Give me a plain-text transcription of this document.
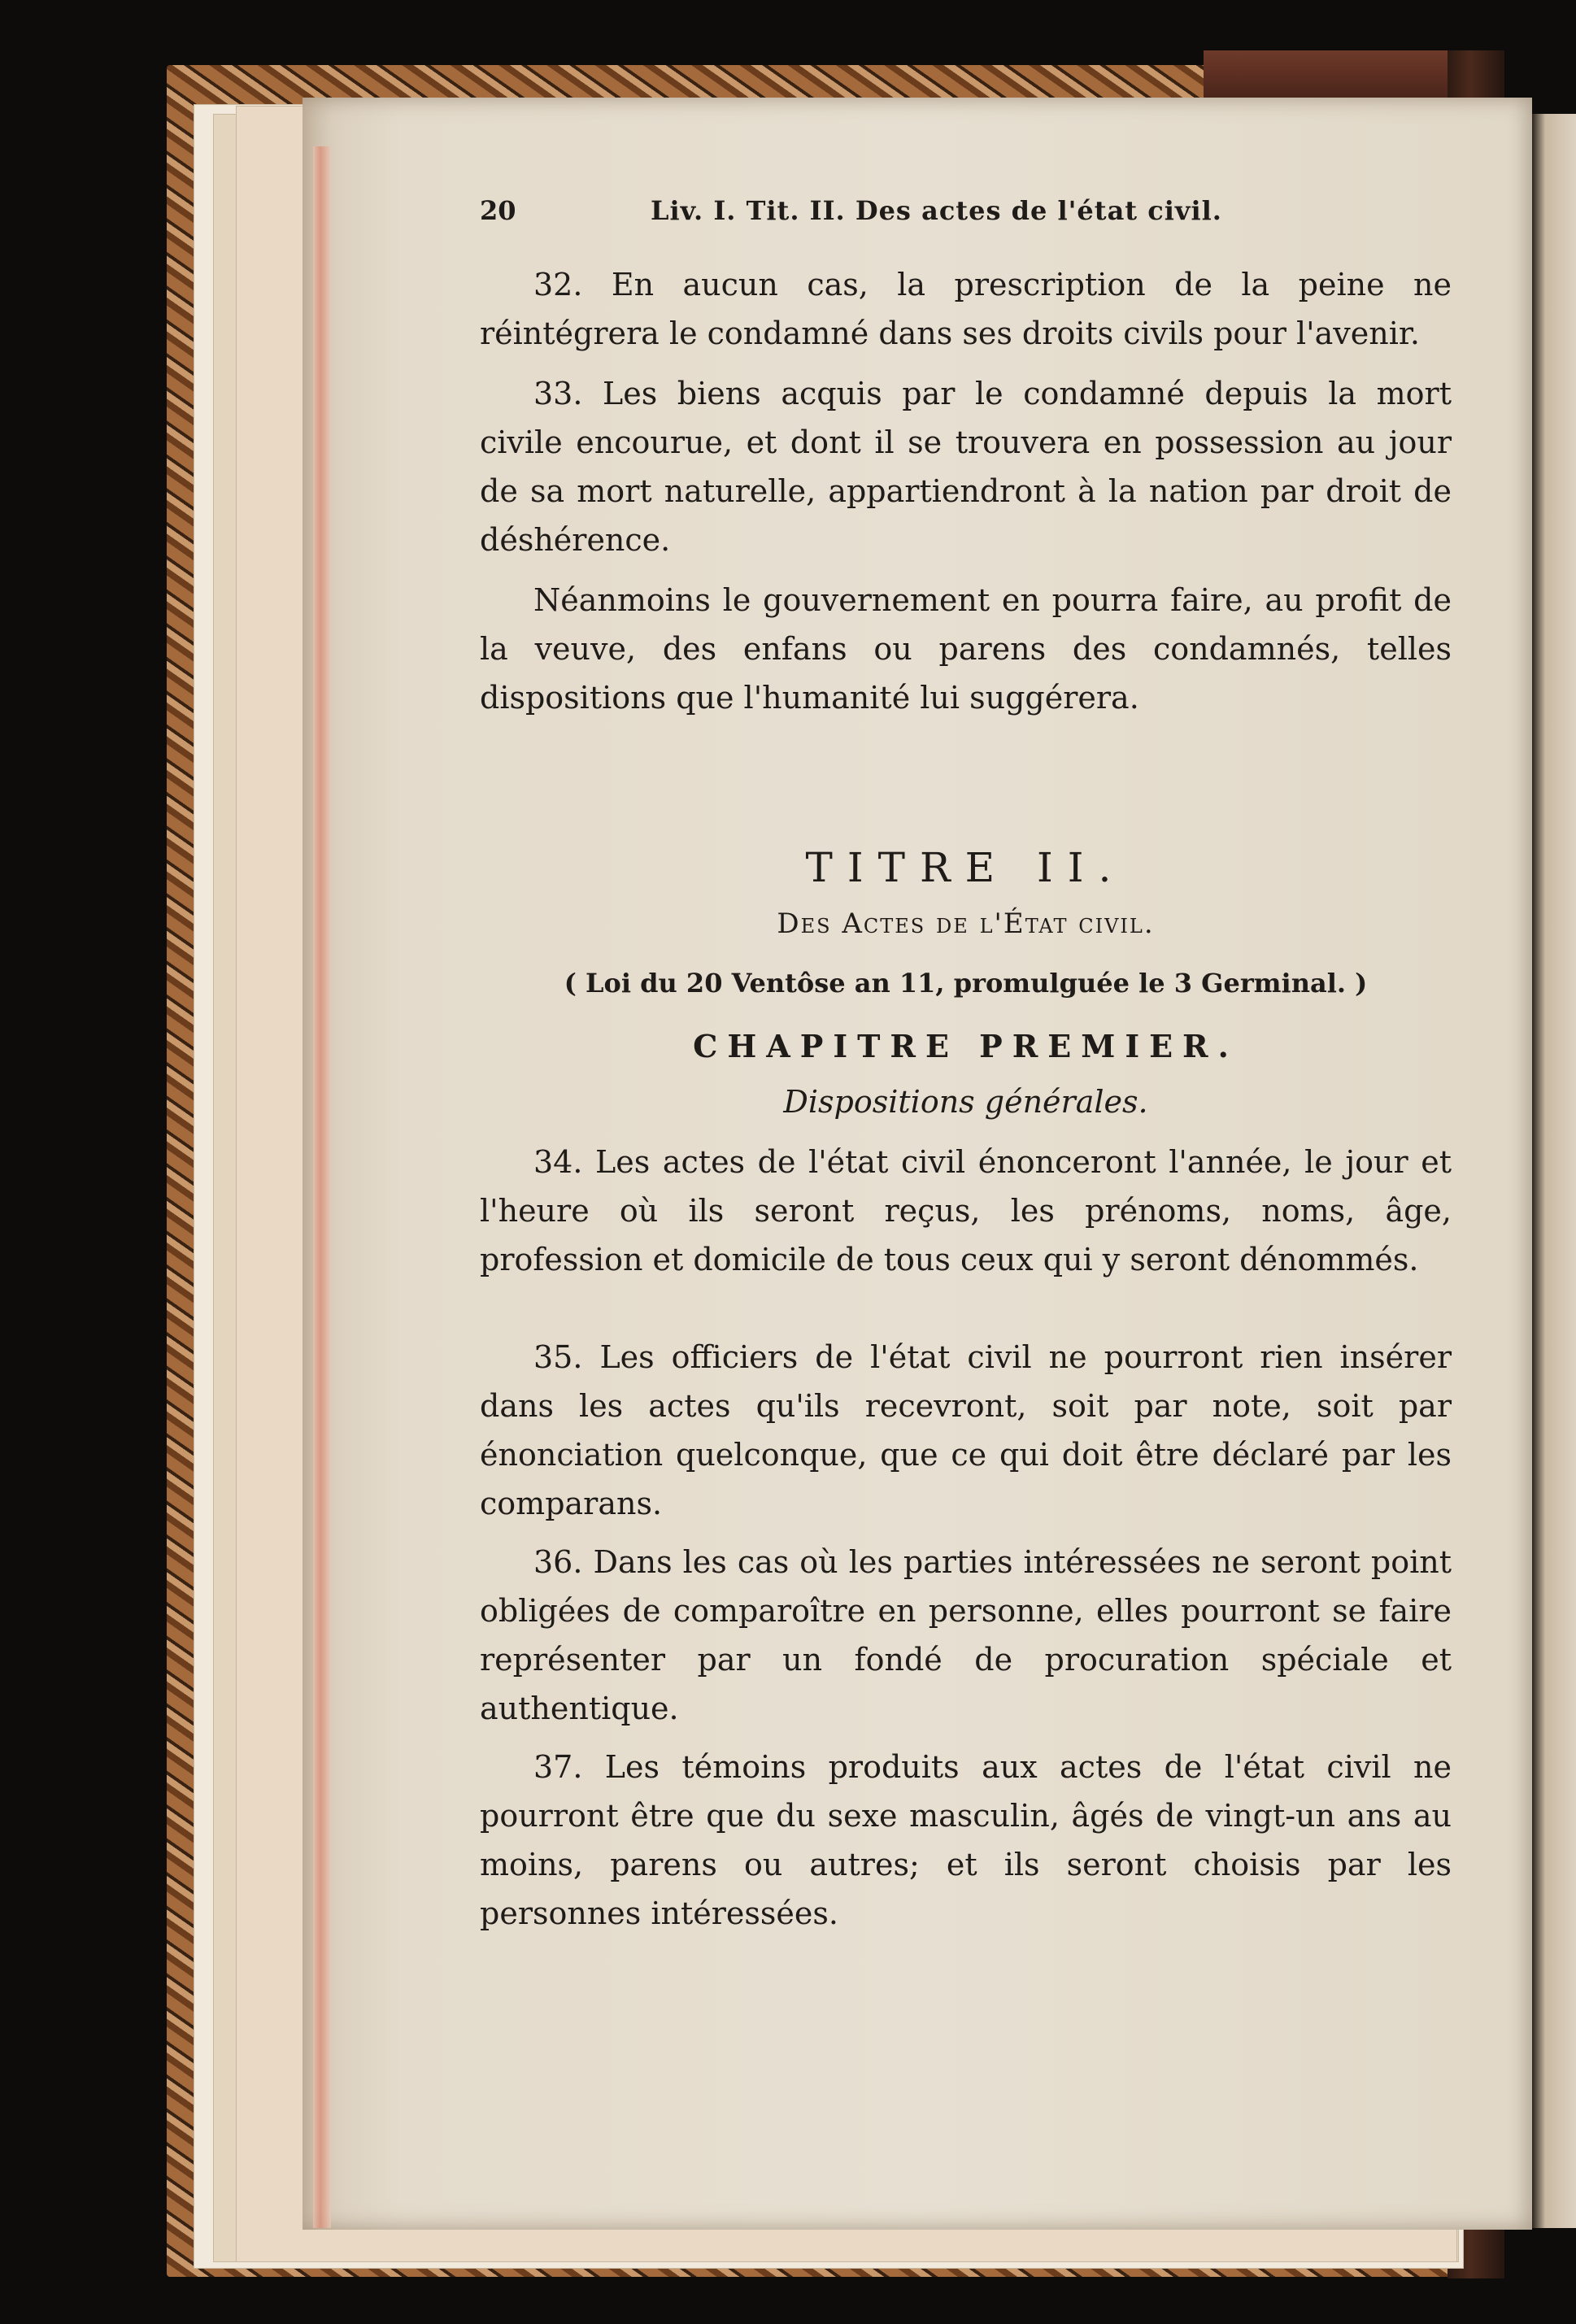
20	Liv. I. Tit. II. Des actes de l'état civil.

32. En aucun cas, la prescription de la peine ne réintégrera le condamné dans ses droits civils pour l'avenir.

33. Les biens acquis par le condamné depuis la mort civile encourue, et dont il se trouvera en possession au jour de sa mort naturelle, appartiendront à la nation par droit de déshérence.

Néanmoins le gouvernement en pourra faire, au profit de la veuve, des enfans ou parens des condamnés, telles dispositions que l'humanité lui suggérera.

TITRE II.
Des Actes de l'État civil.
( Loi du 20 Ventôse an 11, promulguée le 3 Germinal. )
CHAPITRE PREMIER.
Dispositions générales.

34. Les actes de l'état civil énonceront l'année, le jour et l'heure où ils seront reçus, les prénoms, noms, âge, profession et domicile de tous ceux qui y seront dénommés.

35. Les officiers de l'état civil ne pourront rien insérer dans les actes qu'ils recevront, soit par note, soit par énonciation quelconque, que ce qui doit être déclaré par les comparans.

36. Dans les cas où les parties intéressées ne seront point obligées de comparoître en personne, elles pourront se faire représenter par un fondé de procuration spéciale et authentique.

37. Les témoins produits aux actes de l'état civil ne pourront être que du sexe masculin, âgés de vingt-un ans au moins, parens ou autres; et ils seront choisis par les personnes intéressées.
